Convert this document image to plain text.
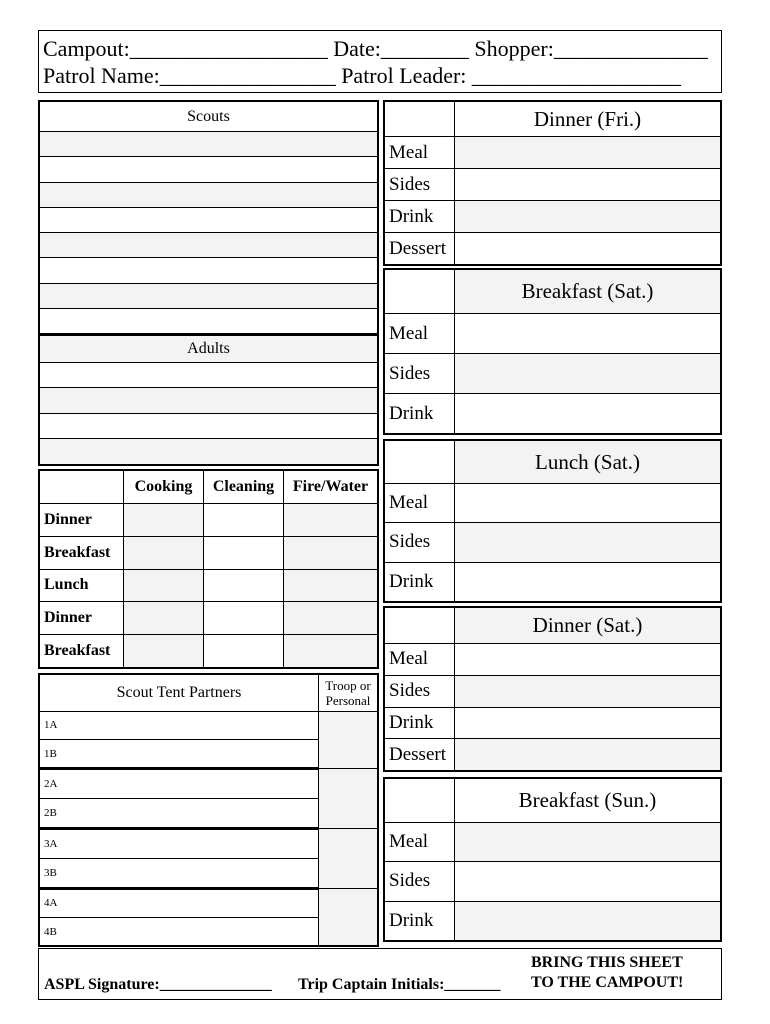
Campout:__________________ Date:________ Shopper:______________
Patrol Name:________________ Patrol Leader: ___________________
Scouts

Adults

	Cooking	Cleaning	Fire/Water
Dinner			
Breakfast			
Lunch			
Dinner			
Breakfast			
Scout Tent Partners	Troop or
Personal

1A	
1B	
2A	
2B	
3A	
3B	
4A	
4B	
	Dinner (Fri.)
Meal	
Sides	
Drink	
Dessert	
	Breakfast (Sat.)
Meal	
Sides	
Drink	
	Lunch (Sat.)
Meal	
Sides	
Drink	
	Dinner (Sat.)
Meal	
Sides	
Drink	
Dessert	
	Breakfast (Sun.)
Meal	
Sides	
Drink	
ASPL Signature:______________ Trip Captain Initials:_______
BRING THIS SHEET
TO THE CAMPOUT!
